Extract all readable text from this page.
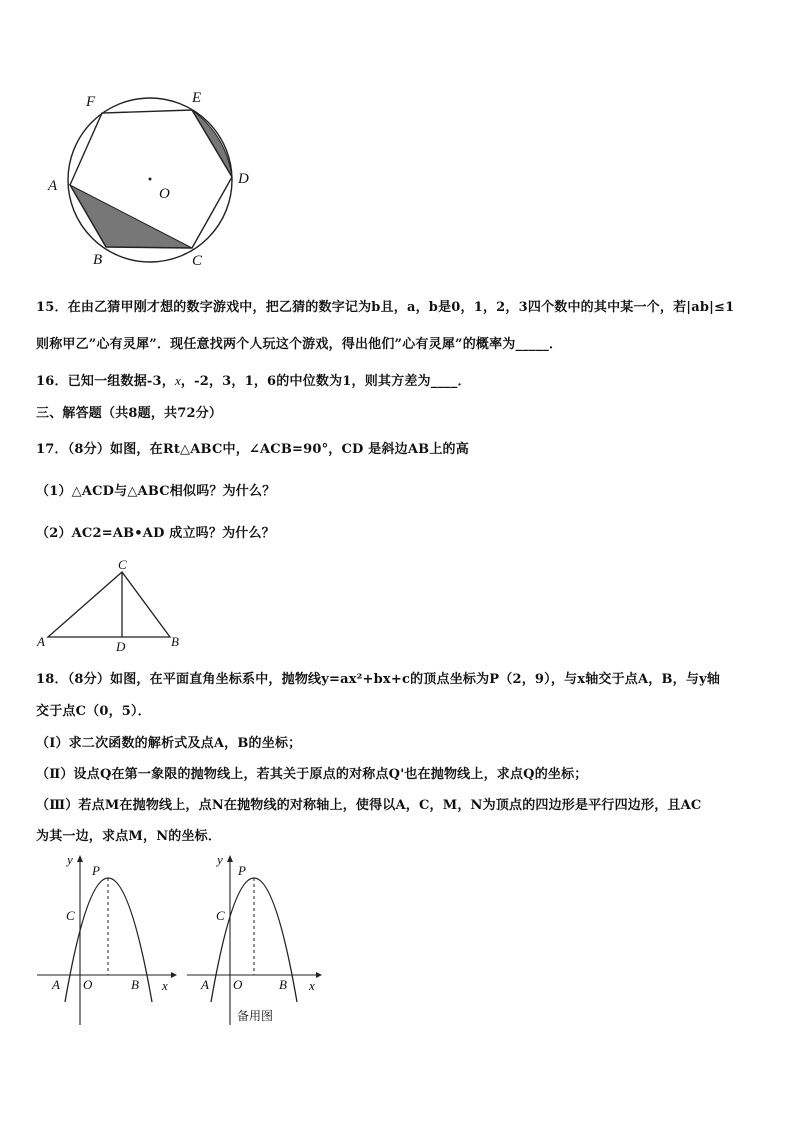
F	E
A	O
D
B	C
15．在由乙猜甲刚才想的数字游戏中，把乙猜的数字记为b且，a，b是0，1，2，3四个数中的其中某一个，若|ab|≤1
则称甲乙”心有灵犀”．现任意找两个人玩这个游戏，得出他们”心有灵犀”的概率为_____．
16．已知一组数据-3，x，-2，3，1，6的中位数为1，则其方差为____．
三、解答题（共8题，共72分）
17．（8分）如图，在Rt△ABC中，∠ACB=90°，CD 是斜边AB上的高
（1）△ACD与△ABC相似吗？为什么？
（2）AC2=AB•AD 成立吗？为什么？
C
A	D	B
18．（8分）如图，在平面直角坐标系中，抛物线y=ax²+bx+c的顶点坐标为P（2，9），与x轴交于点A，B，与y轴
交于点C（0，5）．
（Ⅰ）求二次函数的解析式及点A，B的坐标；
（Ⅱ）设点Q在第一象限的抛物线上，若其关于原点的对称点Q'也在抛物线上，求点Q的坐标；
（Ⅲ）若点M在抛物线上，点N在抛物线的对称轴上，使得以A，C，M，N为顶点的四边形是平行四边形，且AC
为其一边，求点M，N的坐标．
y
P
C
A O	B x
y
P
C
A O	B x
备用图
